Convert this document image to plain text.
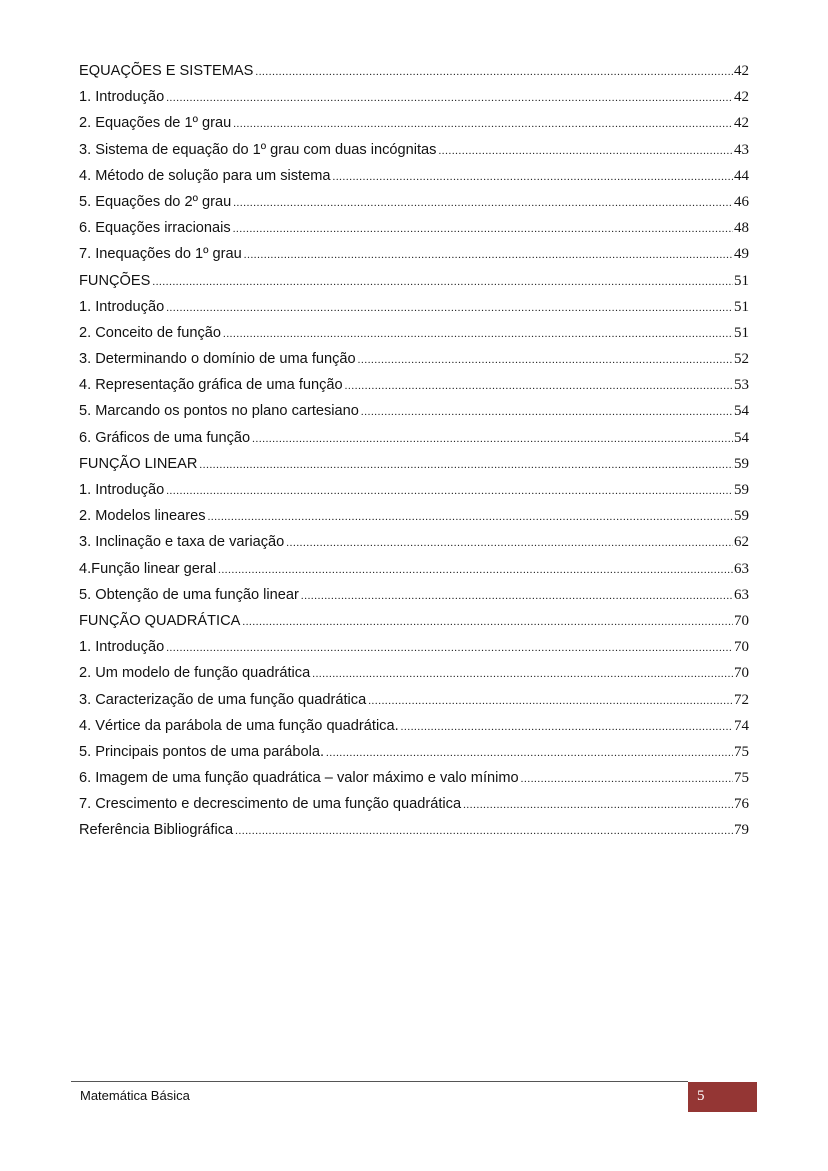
EQUAÇÕES E SISTEMAS .....	42
1. Introdução .....	42
2. Equações de 1º grau .....	42
3. Sistema de equação do 1º grau com duas incógnitas .....	43
4. Método de solução para um sistema .....	44
5. Equações do 2º grau .....	46
6. Equações irracionais .....	48
7. Inequações do 1º grau .....	49
FUNÇÕES .....	51
1. Introdução .....	51
2. Conceito de função .....	51
3. Determinando o domínio de uma função .....	52
4. Representação gráfica de uma função .....	53
5. Marcando os pontos no plano cartesiano .....	54
6. Gráficos de uma função .....	54
FUNÇÃO LINEAR .....	59
1. Introdução .....	59
2. Modelos lineares .....	59
3. Inclinação e taxa de variação .....	62
4.Função linear geral .....	63
5. Obtenção de uma função linear .....	63
FUNÇÃO QUADRÁTICA .....	70
1. Introdução .....	70
2. Um modelo de função quadrática .....	70
3. Caracterização de uma função quadrática .....	72
4. Vértice da parábola de uma função quadrática. .....	74
5. Principais pontos de uma parábola. .....	75
6. Imagem de uma função quadrática – valor máximo e valo mínimo .....	75
7. Crescimento e decrescimento de uma função quadrática .....	76
Referência Bibliográfica .....	79
Matemática Básica	5
